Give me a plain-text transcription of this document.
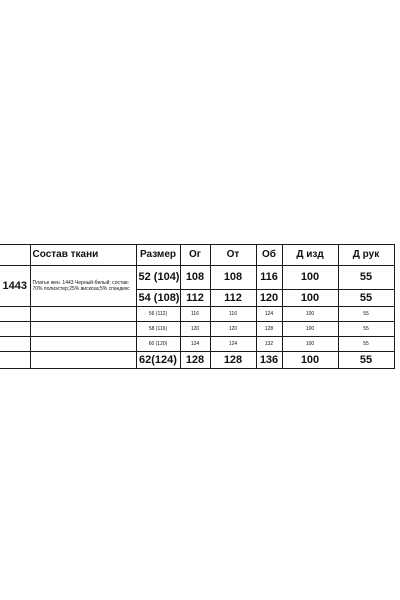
	Состав ткани	Размер	Ог	От	Об	Д изд	Д рук
1443	Платье жен. 1443 Черный-белый; состав: 70% полиэстер;25% вискоза;5% спандекс	52 (104)	108	108	116	100	55
		54 (108)	112	112	120	100	55
		56 (112)	116	116	124	100	55
		58 (116)	120	120	128	100	55
		60 (120)	124	124	132	100	55
		62(124)	128	128	136	100	55
